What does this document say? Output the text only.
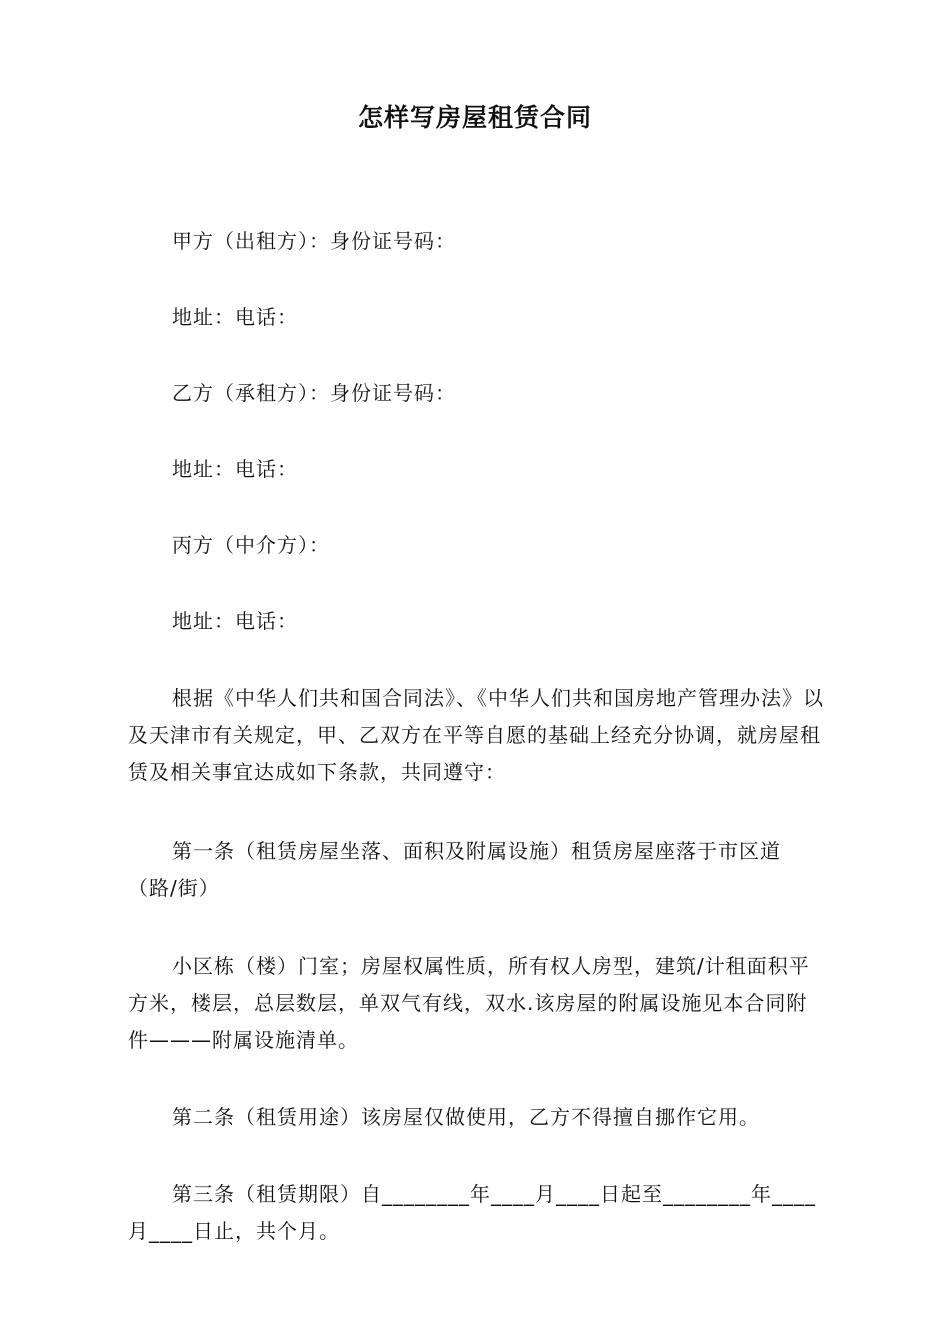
怎样写房屋租赁合同

甲方（出租方）：身份证号码：

地址：电话：

乙方（承租方）：身份证号码：

地址：电话：

丙方（中介方）：

地址：电话：

根据《中华人们共和国合同法》、《中华人们共和国房地产管理办法》以及天津市有关规定，甲、乙双方在平等自愿的基础上经充分协调，就房屋租赁及相关事宜达成如下条款，共同遵守：

第一条（租赁房屋坐落、面积及附属设施）租赁房屋座落于市区道（路/街）

小区栋（楼）门室；房屋权属性质，所有权人房型，建筑/计租面积平方米，楼层，总层数层，单双气有线，双水.该房屋的附属设施见本合同附件———附属设施清单。

第二条（租赁用途）该房屋仅做使用，乙方不得擅自挪作它用。

第三条（租赁期限）自________年____月____日起至________年____月____日止，共个月。
